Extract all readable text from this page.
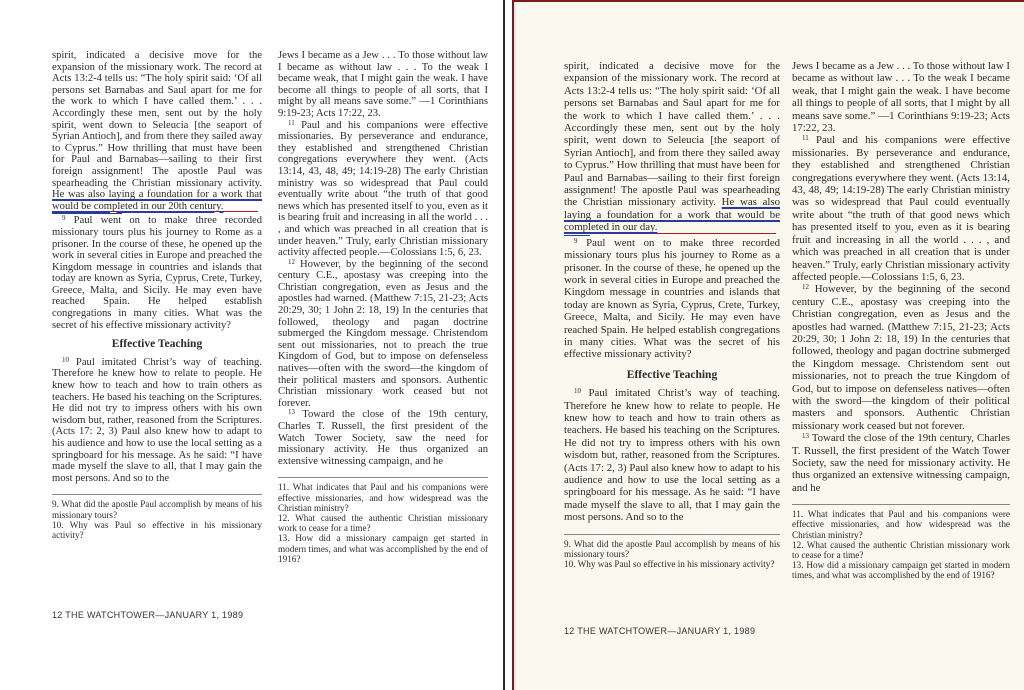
spirit, indicated a decisive move for the expansion of the missionary work. The record at Acts 13:2-4 tells us: “The holy spirit said: ‘Of all persons set Barnabas and Saul apart for me for the work to which I have called them.’ . . . Accordingly these men, sent out by the holy spirit, went down to Seleucia [the seaport of Syrian Antioch], and from there they sailed away to Cyprus.” How thrilling that must have been for Paul and Barnabas—sailing to their first foreign assignment! The apostle Paul was spearheading the Christian missionary activity. He was also laying a foundation for a work that would be completed in our 20th century.

$^9$ Paul went on to make three recorded missionary tours plus his journey to Rome as a prisoner. In the course of these, he opened up the work in several cities in Europe and preached the Kingdom message in countries and islands that today are known as Syria, Cyprus, Crete, Turkey, Greece, Malta, and Sicily. He may even have reached Spain. He helped establish congregations in many cities. What was the secret of his effective missionary activity?

Effective Teaching

$^{10}$ Paul imitated Christ’s way of teaching. Therefore he knew how to relate to people. He knew how to teach and how to train others as teachers. He based his teaching on the Scriptures. He did not try to impress others with his own wisdom but, rather, reasoned from the Scriptures. (Acts 17: 2, 3) Paul also knew how to adapt to his audience and how to use the local setting as a springboard for his message. As he said: “I have made myself the slave to all, that I may gain the most persons. And so to the

9. What did the apostle Paul accomplish by means of his missionary tours?
10. Why was Paul so effective in his missionary activity?

Jews I became as a Jew . . . To those without law I became as without law . . . To the weak I became weak, that I might gain the weak. I have become all things to people of all sorts, that I might by all means save some.” —1 Corinthians 9:19-23; Acts 17:22, 23.

$^{11}$ Paul and his companions were effective missionaries. By perseverance and endurance, they established and strengthened Christian congregations everywhere they went. (Acts 13:14, 43, 48, 49; 14:19-28) The early Christian ministry was so widespread that Paul could eventually write about “the truth of that good news which has presented itself to you, even as it is bearing fruit and increasing in all the world . . . , and which was preached in all creation that is under heaven.” Truly, early Christian missionary activity affected people.—Colossians 1:5, 6, 23.

$^{12}$ However, by the beginning of the second century C.E., apostasy was creeping into the Christian congregation, even as Jesus and the apostles had warned. (Matthew 7:15, 21-23; Acts 20:29, 30; 1 John 2: 18, 19) In the centuries that followed, theology and pagan doctrine submerged the Kingdom message. Christendom sent out missionaries, not to preach the true Kingdom of God, but to impose on defenseless natives—often with the sword—the kingdom of their political masters and sponsors. Authentic Christian missionary work ceased but not forever.

$^{13}$ Toward the close of the 19th century, Charles T. Russell, the first president of the Watch Tower Society, saw the need for missionary activity. He thus organized an extensive witnessing campaign, and he

11. What indicates that Paul and his companions were effective missionaries, and how widespread was the Christian ministry?
12. What caused the authentic Christian missionary work to cease for a time?
13. How did a missionary campaign get started in modern times, and what was accomplished by the end of 1916?
12 THE WATCHTOWER—JANUARY 1, 1989

spirit, indicated a decisive move for the expansion of the missionary work. The record at Acts 13:2-4 tells us: “The holy spirit said: ‘Of all persons set Barnabas and Saul apart for me for the work to which I have called them.’ . . . Accordingly these men, sent out by the holy spirit, went down to Seleucia [the seaport of Syrian Antioch], and from there they sailed away to Cyprus.” How thrilling that must have been for Paul and Barnabas—sailing to their first foreign assignment! The apostle Paul was spearheading the Christian missionary activity. He was also laying a foundation for a work that would be completed in our day.

$^9$ Paul went on to make three recorded missionary tours plus his journey to Rome as a prisoner. In the course of these, he opened up the work in several cities in Europe and preached the Kingdom message in countries and islands that today are known as Syria, Cyprus, Crete, Turkey, Greece, Malta, and Sicily. He may even have reached Spain. He helped establish congregations in many cities. What was the secret of his effective missionary activity?

Effective Teaching

$^{10}$ Paul imitated Christ’s way of teaching. Therefore he knew how to relate to people. He knew how to teach and how to train others as teachers. He based his teaching on the Scriptures. He did not try to impress others with his own wisdom but, rather, reasoned from the Scriptures. (Acts 17: 2, 3) Paul also knew how to adapt to his audience and how to use the local setting as a springboard for his message. As he said: “I have made myself the slave to all, that I may gain the most persons. And so to the

9. What did the apostle Paul accomplish by means of his missionary tours?
10. Why was Paul so effective in his missionary activity?

Jews I became as a Jew . . . To those without law I became as without law . . . To the weak I became weak, that I might gain the weak. I have become all things to people of all sorts, that I might by all means save some.” —1 Corinthians 9:19-23; Acts 17:22, 23.

$^{11}$ Paul and his companions were effective missionaries. By perseverance and endurance, they established and strengthened Christian congregations everywhere they went. (Acts 13:14, 43, 48, 49; 14:19-28) The early Christian ministry was so widespread that Paul could eventually write about “the truth of that good news which has presented itself to you, even as it is bearing fruit and increasing in all the world . . . , and which was preached in all creation that is under heaven.” Truly, early Christian missionary activity affected people.—Colossians 1:5, 6, 23.

$^{12}$ However, by the beginning of the second century C.E., apostasy was creeping into the Christian congregation, even as Jesus and the apostles had warned. (Matthew 7:15, 21-23; Acts 20:29, 30; 1 John 2: 18, 19) In the centuries that followed, theology and pagan doctrine submerged the Kingdom message. Christendom sent out missionaries, not to preach the true Kingdom of God, but to impose on defenseless natives—often with the sword—the kingdom of their political masters and sponsors. Authentic Christian missionary work ceased but not forever.

$^{13}$ Toward the close of the 19th century, Charles T. Russell, the first president of the Watch Tower Society, saw the need for missionary activity. He thus organized an extensive witnessing campaign, and he

11. What indicates that Paul and his companions were effective missionaries, and how widespread was the Christian ministry?
12. What caused the authentic Christian missionary work to cease for a time?
13. How did a missionary campaign get started in modern times, and what was accomplished by the end of 1916?
12 THE WATCHTOWER—JANUARY 1, 1989
